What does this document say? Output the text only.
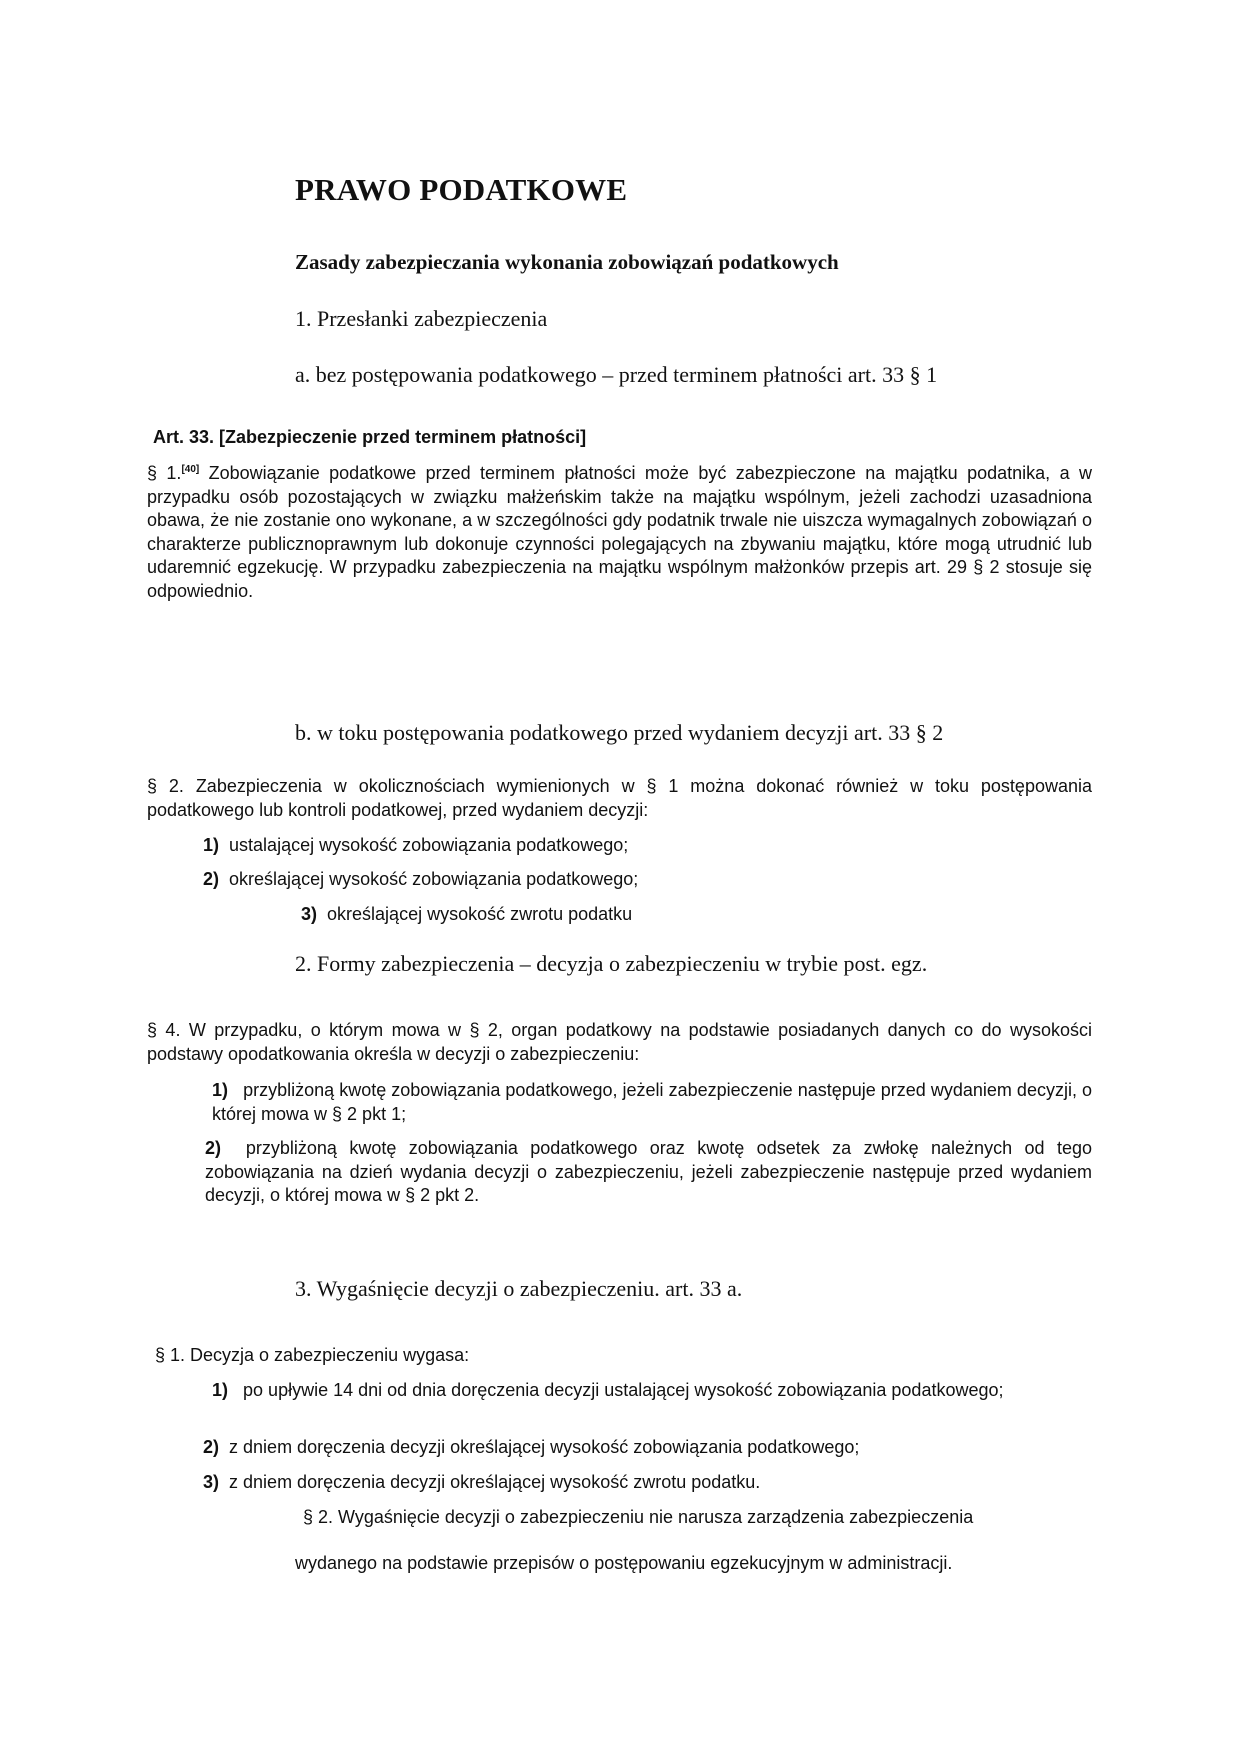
PRAWO PODATKOWE
Zasady zabezpieczania wykonania zobowiązań podatkowych

1. Przesłanki zabezpieczenia

a. bez postępowania podatkowego – przed terminem płatności art. 33 § 1

Art. 33. [Zabezpieczenie przed terminem płatności]

§ 1.[40] Zobowiązanie podatkowe przed terminem płatności może być zabezpieczone na majątku podatnika, a w przypadku osób pozostających w związku małżeńskim także na majątku wspólnym, jeżeli zachodzi uzasadniona obawa, że nie zostanie ono wykonane, a w szczególności gdy podatnik trwale nie uiszcza wymagalnych zobowiązań o charakterze publicznoprawnym lub dokonuje czynności polegających na zbywaniu majątku, które mogą utrudnić lub udaremnić egzekucję. W przypadku zabezpieczenia na majątku wspólnym małżonków przepis art. 29 § 2 stosuje się odpowiednio.

b. w toku postępowania podatkowego przed wydaniem decyzji art. 33 § 2

§ 2. Zabezpieczenia w okolicznościach wymienionych w § 1 można dokonać również w toku postępowania podatkowego lub kontroli podatkowej, przed wydaniem decyzji:

1) ustalającej wysokość zobowiązania podatkowego;
2) określającej wysokość zobowiązania podatkowego;
3) określającej wysokość zwrotu podatku

2. Formy zabezpieczenia – decyzja o zabezpieczeniu w trybie post. egz.

§ 4. W przypadku, o którym mowa w § 2, organ podatkowy na podstawie posiadanych danych co do wysokości podstawy opodatkowania określa w decyzji o zabezpieczeniu:

1) przybliżoną kwotę zobowiązania podatkowego, jeżeli zabezpieczenie następuje przed wydaniem decyzji, o której mowa w § 2 pkt 1;
2) przybliżoną kwotę zobowiązania podatkowego oraz kwotę odsetek za zwłokę należnych od tego zobowiązania na dzień wydania decyzji o zabezpieczeniu, jeżeli zabezpieczenie następuje przed wydaniem decyzji, o której mowa w § 2 pkt 2.

3. Wygaśnięcie decyzji o zabezpieczeniu. art. 33 a.

§ 1. Decyzja o zabezpieczeniu wygasa:

1) po upływie 14 dni od dnia doręczenia decyzji ustalającej wysokość zobowiązania podatkowego;
2) z dniem doręczenia decyzji określającej wysokość zobowiązania podatkowego;
3) z dniem doręczenia decyzji określającej wysokość zwrotu podatku.

§ 2. Wygaśnięcie decyzji o zabezpieczeniu nie narusza zarządzenia zabezpieczenia

wydanego na podstawie przepisów o postępowaniu egzekucyjnym w administracji.
